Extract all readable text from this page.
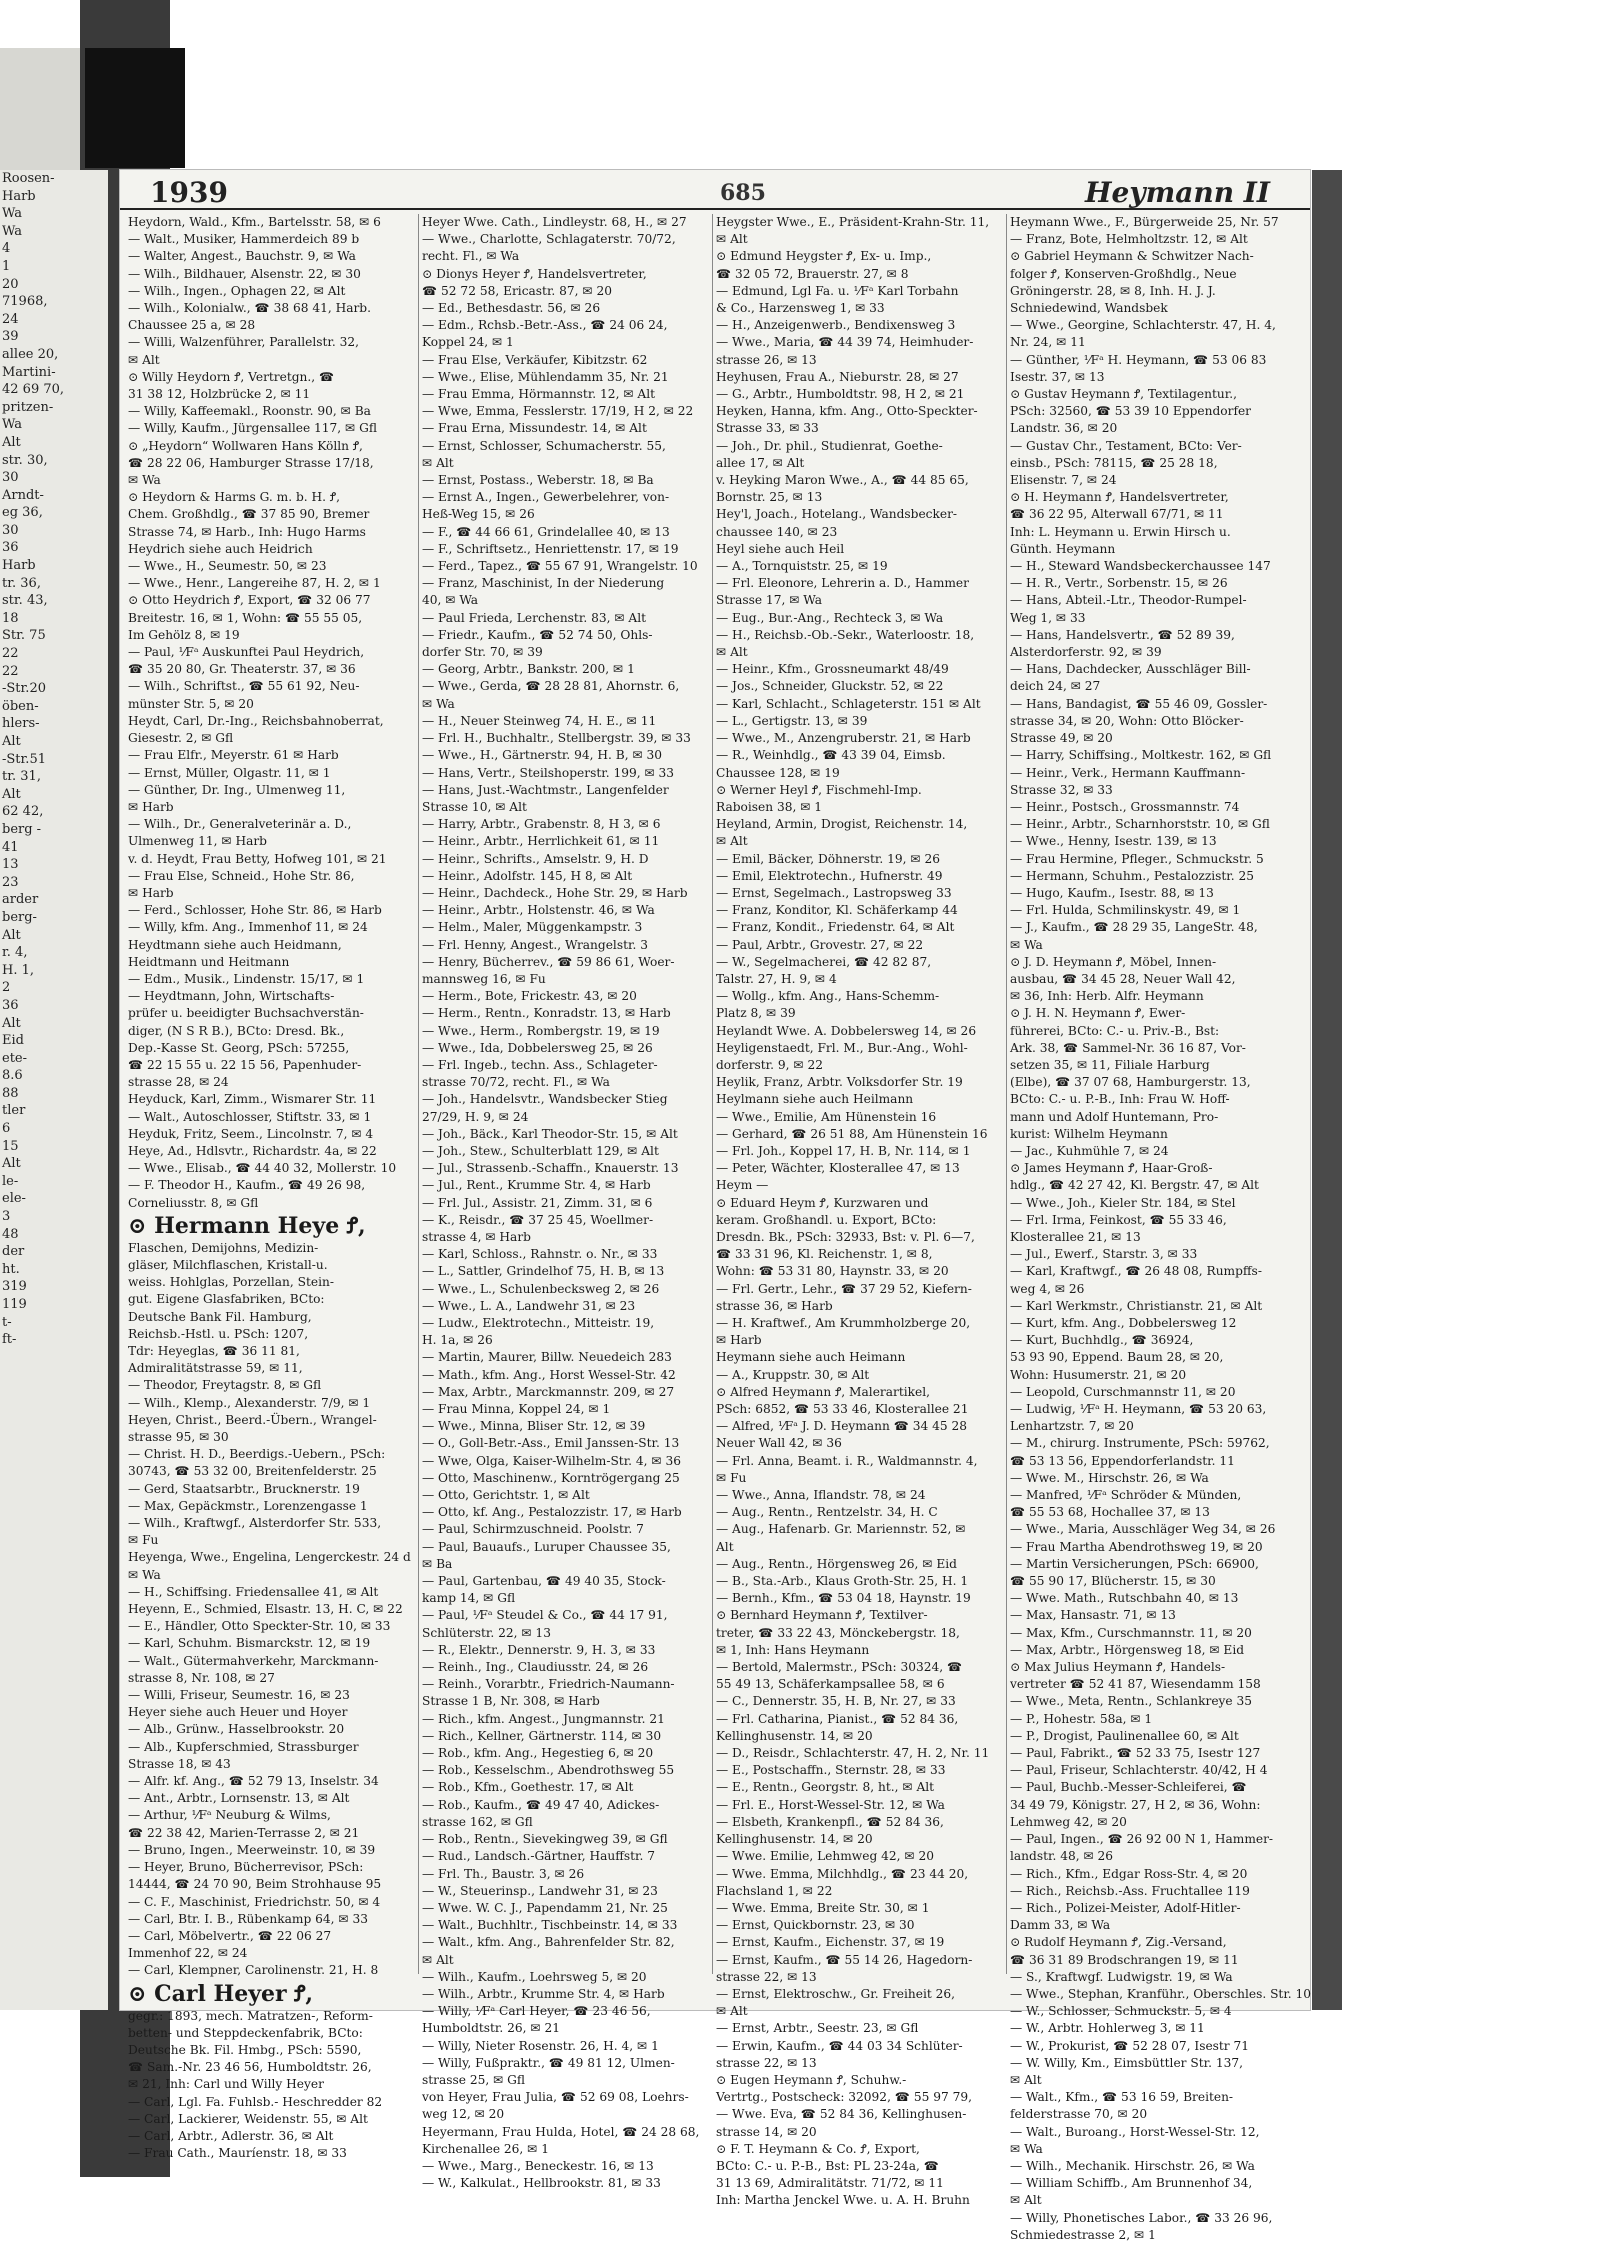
Roosen-
Harb
Wa
Wa
4
1
20
71968,
24
39
allee 20,
Martini-
42 69 70,
pritzen-
Wa
Alt
str. 30,
30
Arndt-
eg 36,
30
36
Harb
tr. 36,
str. 43,
18
Str. 75
22
22
-Str.20
öben-
hlers-
Alt
-Str.51
tr. 31,
Alt
62 42,
berg -
41
13
23
arder
berg-
Alt
r. 4,
H. 1,
2
36
Alt
Eid
ete-
8.6
88
tler
6
15
Alt
le-
ele-
3
48
der
ht.
319
119
t-
ft-
1939	685	Heymann II
Heydorn, Wald., Kfm., Bartelsstr. 58, ✉ 6
— Walt., Musiker, Hammerdeich 89 b
— Walter, Angest., Bauchstr. 9, ✉ Wa
— Wilh., Bildhauer, Alsenstr. 22, ✉ 30
— Wilh., Ingen., Ophagen 22, ✉ Alt
— Wilh., Kolonialw., ☎ 38 68 41, Harb.
Chaussee 25 a, ✉ 28
— Willi, Walzenführer, Parallelstr. 32,
✉ Alt
⊙ Willy Heydorn Ꝭ, Vertretgn., ☎
31 38 12, Holzbrücke 2, ✉ 11
— Willy, Kaffeemakl., Roonstr. 90, ✉ Ba
— Willy, Kaufm., Jürgensallee 117, ✉ Gfl
⊙ „Heydorn“ Wollwaren Hans Kölln Ꝭ,
☎ 28 22 06, Hamburger Strasse 17/18,
✉ Wa
⊙ Heydorn & Harms G. m. b. H. Ꝭ,
Chem. Großhdlg., ☎ 37 85 90, Bremer
Strasse 74, ✉ Harb., Inh: Hugo Harms
Heydrich siehe auch Heidrich
— Wwe., H., Seumestr. 50, ✉ 23
— Wwe., Henr., Langereihe 87, H. 2, ✉ 1
⊙ Otto Heydrich Ꝭ, Export, ☎ 32 06 77
Breitestr. 16, ✉ 1, Wohn: ☎ 55 55 05,
Im Gehölz 8, ✉ 19
— Paul, ⅟Fᵃ Auskunftei Paul Heydrich,
☎ 35 20 80, Gr. Theaterstr. 37, ✉ 36
— Wilh., Schriftst., ☎ 55 61 92, Neu-
münster Str. 5, ✉ 20
Heydt, Carl, Dr.-Ing., Reichsbahnoberrat,
Giesestr. 2, ✉ Gfl
— Frau Elfr., Meyerstr. 61 ✉ Harb
— Ernst, Müller, Olgastr. 11, ✉ 1
— Günther, Dr. Ing., Ulmenweg 11,
✉ Harb
— Wilh., Dr., Generalveterinär a. D.,
Ulmenweg 11, ✉ Harb
v. d. Heydt, Frau Betty, Hofweg 101, ✉ 21
— Frau Else, Schneid., Hohe Str. 86,
✉ Harb
— Ferd., Schlosser, Hohe Str. 86, ✉ Harb
— Willy, kfm. Ang., Immenhof 11, ✉ 24
Heydtmann siehe auch Heidmann,
Heidtmann und Heitmann
— Edm., Musik., Lindenstr. 15/17, ✉ 1
— Heydtmann, John, Wirtschafts-
prüfer u. beeidigter Buchsachverstän-
diger, (N S R B.), BCto: Dresd. Bk.,
Dep.-Kasse St. Georg, PSch: 57255,
☎ 22 15 55 u. 22 15 56, Papenhuder-
strasse 28, ✉ 24
Heyduck, Karl, Zimm., Wismarer Str. 11
— Walt., Autoschlosser, Stiftstr. 33, ✉ 1
Heyduk, Fritz, Seem., Lincolnstr. 7, ✉ 4
Heye, Ad., Hdlsvtr., Richardstr. 4a, ✉ 22
— Wwe., Elisab., ☎ 44 40 32, Mollerstr. 10
— F. Theodor H., Kaufm., ☎ 49 26 98,
Corneliusstr. 8, ✉ Gfl
⊙ Hermann Heye Ꝭ,
Flaschen, Demijohns, Medizin-
gläser, Milchflaschen, Kristall-u.
weiss. Hohlglas, Porzellan, Stein-
gut. Eigene Glasfabriken, BCto:
Deutsche Bank Fil. Hamburg,
Reichsb.-Hstl. u. PSch: 1207,
Tdr: Heyeglas, ☎ 36 11 81,
Admiralitätstrasse 59, ✉ 11,
— Theodor, Freytagstr. 8, ✉ Gfl
— Wilh., Klemp., Alexanderstr. 7/9, ✉ 1
Heyen, Christ., Beerd.-Übern., Wrangel-
strasse 95, ✉ 30
— Christ. H. D., Beerdigs.-Uebern., PSch:
30743, ☎ 53 32 00, Breitenfelderstr. 25
— Gerd, Staatsarbtr., Brucknerstr. 19
— Max, Gepäckmstr., Lorenzengasse 1
— Wilh., Kraftwgf., Alsterdorfer Str. 533,
✉ Fu
Heyenga, Wwe., Engelina, Lengerckestr. 24 d
✉ Wa
— H., Schiffsing. Friedensallee 41, ✉ Alt
Heyenn, E., Schmied, Elsastr. 13, H. C, ✉ 22
— E., Händler, Otto Speckter-Str. 10, ✉ 33
— Karl, Schuhm. Bismarckstr. 12, ✉ 19
— Walt., Gütermahverkehr, Marckmann-
strasse 8, Nr. 108, ✉ 27
— Willi, Friseur, Seumestr. 16, ✉ 23
Heyer siehe auch Heuer und Hoyer
— Alb., Grünw., Hasselbrookstr. 20
— Alb., Kupferschmied, Strassburger
Strasse 18, ✉ 43
— Alfr. kf. Ang., ☎ 52 79 13, Inselstr. 34
— Ant., Arbtr., Lornsenstr. 13, ✉ Alt
— Arthur, ⅟Fᵃ Neuburg & Wilms,
☎ 22 38 42, Marien-Terrasse 2, ✉ 21
— Bruno, Ingen., Meerweinstr. 10, ✉ 39
— Heyer, Bruno, Bücherrevisor, PSch:
14444, ☎ 24 70 90, Beim Strohhause 95
— C. F., Maschinist, Friedrichstr. 50, ✉ 4
— Carl, Btr. I. B., Rübenkamp 64, ✉ 33
— Carl, Möbelvertr., ☎ 22 06 27
Immenhof 22, ✉ 24
— Carl, Klempner, Carolinenstr. 21, H. 8
⊙ Carl Heyer Ꝭ,
gegr.: 1893, mech. Matratzen-, Reform-
betten- und Steppdeckenfabrik, BCto:
Deutsche Bk. Fil. Hmbg., PSch: 5590,
☎ Sam.-Nr. 23 46 56, Humboldtstr. 26,
✉ 21, Inh: Carl und Willy Heyer
— Carl, Lgl. Fa. Fuhlsb.- Heschredder 82
— Carl, Lackierer, Weidenstr. 55, ✉ Alt
— Carl, Arbtr., Adlerstr. 36, ✉ Alt
— Frau Cath., Mauríenstr. 18, ✉ 33
Heyer Wwe. Cath., Lindleystr. 68, H., ✉ 27
— Wwe., Charlotte, Schlagaterstr. 70/72,
recht. Fl., ✉ Wa
⊙ Dionys Heyer Ꝭ, Handelsvertreter,
☎ 52 72 58, Ericastr. 87, ✉ 20
— Ed., Bethesdastr. 56, ✉ 26
— Edm., Rchsb.-Betr.-Ass., ☎ 24 06 24,
Koppel 24, ✉ 1
— Frau Else, Verkäufer, Kibitzstr. 62
— Wwe., Elise, Mühlendamm 35, Nr. 21
— Frau Emma, Hörmannstr. 12, ✉ Alt
— Wwe, Emma, Fesslerstr. 17/19, H 2, ✉ 22
— Frau Erna, Missundestr. 14, ✉ Alt
— Ernst, Schlosser, Schumacherstr. 55,
✉ Alt
— Ernst, Postass., Weberstr. 18, ✉ Ba
— Ernst A., Ingen., Gewerbelehrer, von-
Heß-Weg 15, ✉ 26
— F., ☎ 44 66 61, Grindelallee 40, ✉ 13
— F., Schriftsetz., Henriettenstr. 17, ✉ 19
— Ferd., Tapez., ☎ 55 67 91, Wrangelstr. 10
— Franz, Maschinist, In der Niederung
40, ✉ Wa
— Paul Frieda, Lerchenstr. 83, ✉ Alt
— Friedr., Kaufm., ☎ 52 74 50, Ohls-
dorfer Str. 70, ✉ 39
— Georg, Arbtr., Bankstr. 200, ✉ 1
— Wwe., Gerda, ☎ 28 28 81, Ahornstr. 6,
✉ Wa
— H., Neuer Steinweg 74, H. E., ✉ 11
— Frl. H., Buchhaltr., Stellbergstr. 39, ✉ 33
— Wwe., H., Gärtnerstr. 94, H. B, ✉ 30
— Hans, Vertr., Steilshoperstr. 199, ✉ 33
— Hans, Just.-Wachtmstr., Langenfelder
Strasse 10, ✉ Alt
— Harry, Arbtr., Grabenstr. 8, H 3, ✉ 6
— Heinr., Arbtr., Herrlichkeit 61, ✉ 11
— Heinr., Schrifts., Amselstr. 9, H. D
— Heinr., Adolfstr. 145, H 8, ✉ Alt
— Heinr., Dachdeck., Hohe Str. 29, ✉ Harb
— Heinr., Arbtr., Holstenstr. 46, ✉ Wa
— Helm., Maler, Müggenkampstr. 3
— Frl. Henny, Angest., Wrangelstr. 3
— Henry, Bücherrev., ☎ 59 86 61, Woer-
mannsweg 16, ✉ Fu
— Herm., Bote, Frickestr. 43, ✉ 20
— Herm., Rentn., Konradstr. 13, ✉ Harb
— Wwe., Herm., Rombergstr. 19, ✉ 19
— Wwe., Ida, Dobbelersweg 25, ✉ 26
— Frl. Ingeb., techn. Ass., Schlageter-
strasse 70/72, recht. Fl., ✉ Wa
— Joh., Handelsvtr., Wandsbecker Stieg
27/29, H. 9, ✉ 24
— Joh., Bäck., Karl Theodor-Str. 15, ✉ Alt
— Joh., Stew., Schulterblatt 129, ✉ Alt
— Jul., Strassenb.-Schaffn., Knauerstr. 13
— Jul., Rent., Krumme Str. 4, ✉ Harb
— Frl. Jul., Assistr. 21, Zimm. 31, ✉ 6
— K., Reisdr., ☎ 37 25 45, Woellmer-
strasse 4, ✉ Harb
— Karl, Schloss., Rahnstr. o. Nr., ✉ 33
— L., Sattler, Grindelhof 75, H. B, ✉ 13
— Wwe., L., Schulenbecksweg 2, ✉ 26
— Wwe., L. A., Landwehr 31, ✉ 23
— Ludw., Elektrotechn., Mitteistr. 19,
H. 1a, ✉ 26
— Martin, Maurer, Billw. Neuedeich 283
— Math., kfm. Ang., Horst Wessel-Str. 42
— Max, Arbtr., Marckmannstr. 209, ✉ 27
— Frau Minna, Koppel 24, ✉ 1
— Wwe., Minna, Bliser Str. 12, ✉ 39
— O., Goll-Betr.-Ass., Emil Janssen-Str. 13
— Wwe, Olga, Kaiser-Wilhelm-Str. 4, ✉ 36
— Otto, Maschinenw., Korntrögergang 25
— Otto, Gerichtstr. 1, ✉ Alt
— Otto, kf. Ang., Pestalozzistr. 17, ✉ Harb
— Paul, Schirmzuschneid. Poolstr. 7
— Paul, Bauaufs., Luruper Chaussee 35,
✉ Ba
— Paul, Gartenbau, ☎ 49 40 35, Stock-
kamp 14, ✉ Gfl
— Paul, ⅟Fᵃ Steudel & Co., ☎ 44 17 91,
Schlüterstr. 22, ✉ 13
— R., Elektr., Dennerstr. 9, H. 3, ✉ 33
— Reinh., Ing., Claudiusstr. 24, ✉ 26
— Reinh., Vorarbtr., Friedrich-Naumann-
Strasse 1 B, Nr. 308, ✉ Harb
— Rich., kfm. Angest., Jungmannstr. 21
— Rich., Kellner, Gärtnerstr. 114, ✉ 30
— Rob., kfm. Ang., Hegestieg 6, ✉ 20
— Rob., Kesselschm., Abendrothsweg 55
— Rob., Kfm., Goethestr. 17, ✉ Alt
— Rob., Kaufm., ☎ 49 47 40, Adickes-
strasse 162, ✉ Gfl
— Rob., Rentn., Sievekingweg 39, ✉ Gfl
— Rud., Landsch.-Gärtner, Hauffstr. 7
— Frl. Th., Baustr. 3, ✉ 26
— W., Steuerinsp., Landwehr 31, ✉ 23
— Wwe. W. C. J., Papendamm 21, Nr. 25
— Walt., Buchhltr., Tischbeinstr. 14, ✉ 33
— Walt., kfm. Ang., Bahrenfelder Str. 82,
✉ Alt
— Wilh., Kaufm., Loehrsweg 5, ✉ 20
— Wilh., Arbtr., Krumme Str. 4, ✉ Harb
— Willy, ⅟Fᵃ Carl Heyer, ☎ 23 46 56,
Humboldtstr. 26, ✉ 21
— Willy, Nieter Rosenstr. 26, H. 4, ✉ 1
— Willy, Fußpraktr., ☎ 49 81 12, Ulmen-
strasse 25, ✉ Gfl
von Heyer, Frau Julia, ☎ 52 69 08, Loehrs-
weg 12, ✉ 20
Heyermann, Frau Hulda, Hotel, ☎ 24 28 68,
Kirchenallee 26, ✉ 1
— Wwe., Marg., Beneckestr. 16, ✉ 13
— W., Kalkulat., Hellbrookstr. 81, ✉ 33
Heygster Wwe., E., Präsident-Krahn-Str. 11,
✉ Alt
⊙ Edmund Heygster Ꝭ, Ex- u. Imp.,
☎ 32 05 72, Brauerstr. 27, ✉ 8
— Edmund, Lgl Fa. u. ⅟Fᵃ Karl Torbahn
& Co., Harzensweg 1, ✉ 33
— H., Anzeigenwerb., Bendixensweg 3
— Wwe., Maria, ☎ 44 39 74, Heimhuder-
strasse 26, ✉ 13
Heyhusen, Frau A., Nieburstr. 28, ✉ 27
— G., Arbtr., Humboldtstr. 98, H 2, ✉ 21
Heyken, Hanna, kfm. Ang., Otto-Speckter-
Strasse 33, ✉ 33
— Joh., Dr. phil., Studienrat, Goethe-
allee 17, ✉ Alt
v. Heyking Maron Wwe., A., ☎ 44 85 65,
Bornstr. 25, ✉ 13
Hey'l, Joach., Hotelang., Wandsbecker-
chaussee 140, ✉ 23
Heyl siehe auch Heil
— A., Tornquiststr. 25, ✉ 19
— Frl. Eleonore, Lehrerin a. D., Hammer
Strasse 17, ✉ Wa
— Eug., Bur.-Ang., Rechteck 3, ✉ Wa
— H., Reichsb.-Ob.-Sekr., Waterloostr. 18,
✉ Alt
— Heinr., Kfm., Grossneumarkt 48/49
— Jos., Schneider, Gluckstr. 52, ✉ 22
— Karl, Schlacht., Schlageterstr. 151 ✉ Alt
— L., Gertigstr. 13, ✉ 39
— Wwe., M., Anzengruberstr. 21, ✉ Harb
— R., Weinhdlg., ☎ 43 39 04, Eimsb.
Chaussee 128, ✉ 19
⊙ Werner Heyl Ꝭ, Fischmehl-Imp.
Raboisen 38, ✉ 1
Heyland, Armin, Drogist, Reichenstr. 14,
✉ Alt
— Emil, Bäcker, Döhnerstr. 19, ✉ 26
— Emil, Elektrotechn., Hufnerstr. 49
— Ernst, Segelmach., Lastropsweg 33
— Franz, Konditor, Kl. Schäferkamp 44
— Franz, Kondit., Friedenstr. 64, ✉ Alt
— Paul, Arbtr., Grovestr. 27, ✉ 22
— W., Segelmacherei, ☎ 42 82 87,
Talstr. 27, H. 9, ✉ 4
— Wollg., kfm. Ang., Hans-Schemm-
Platz 8, ✉ 39
Heylandt Wwe. A. Dobbelersweg 14, ✉ 26
Heyligenstaedt, Frl. M., Bur.-Ang., Wohl-
dorferstr. 9, ✉ 22
Heylik, Franz, Arbtr. Volksdorfer Str. 19
Heylmann siehe auch Heilmann
— Wwe., Emilie, Am Hünenstein 16
— Gerhard, ☎ 26 51 88, Am Hünenstein 16
— Frl. Joh., Koppel 17, H. B, Nr. 114, ✉ 1
— Peter, Wächter, Klosterallee 47, ✉ 13
Heym —
⊙ Eduard Heym Ꝭ, Kurzwaren und
keram. Großhandl. u. Export, BCto:
Dresdn. Bk., PSch: 32933, Bst: v. Pl. 6—7,
☎ 33 31 96, Kl. Reichenstr. 1, ✉ 8,
Wohn: ☎ 53 31 80, Haynstr. 33, ✉ 20
— Frl. Gertr., Lehr., ☎ 37 29 52, Kiefern-
strasse 36, ✉ Harb
— H. Kraftwef., Am Krummholzberge 20,
✉ Harb
Heymann siehe auch Heimann
— A., Kruppstr. 30, ✉ Alt
⊙ Alfred Heymann Ꝭ, Malerartikel,
PSch: 6852, ☎ 53 33 46, Klosterallee 21
— Alfred, ⅟Fᵃ J. D. Heymann ☎ 34 45 28
Neuer Wall 42, ✉ 36
— Frl. Anna, Beamt. i. R., Waldmannstr. 4,
✉ Fu
— Wwe., Anna, Iflandstr. 78, ✉ 24
— Aug., Rentn., Rentzelstr. 34, H. C
— Aug., Hafenarb. Gr. Mariennstr. 52, ✉
Alt
— Aug., Rentn., Hörgensweg 26, ✉ Eid
— B., Sta.-Arb., Klaus Groth-Str. 25, H. 1
— Bernh., Kfm., ☎ 53 04 18, Haynstr. 19
⊙ Bernhard Heymann Ꝭ, Textilver-
treter, ☎ 33 22 43, Mönckebergstr. 18,
✉ 1, Inh: Hans Heymann
— Bertold, Malermstr., PSch: 30324, ☎
55 49 13, Schäferkampsallee 58, ✉ 6
— C., Dennerstr. 35, H. B, Nr. 27, ✉ 33
— Frl. Catharina, Pianist., ☎ 52 84 36,
Kellinghusenstr. 14, ✉ 20
— D., Reisdr., Schlachterstr. 47, H. 2, Nr. 11
— E., Postschaffn., Sternstr. 28, ✉ 33
— E., Rentn., Georgstr. 8, ht., ✉ Alt
— Frl. E., Horst-Wessel-Str. 12, ✉ Wa
— Elsbeth, Krankenpfl., ☎ 52 84 36,
Kellinghusenstr. 14, ✉ 20
— Wwe. Emilie, Lehmweg 42, ✉ 20
— Wwe. Emma, Milchhdlg., ☎ 23 44 20,
Flachsland 1, ✉ 22
— Wwe. Emma, Breite Str. 30, ✉ 1
— Ernst, Quickbornstr. 23, ✉ 30
— Ernst, Kaufm., Eichenstr. 37, ✉ 19
— Ernst, Kaufm., ☎ 55 14 26, Hagedorn-
strasse 22, ✉ 13
— Ernst, Elektroschw., Gr. Freiheit 26,
✉ Alt
— Ernst, Arbtr., Seestr. 23, ✉ Gfl
— Erwin, Kaufm., ☎ 44 03 34 Schlüter-
strasse 22, ✉ 13
⊙ Eugen Heymann Ꝭ, Schuhw.-
Vertrtg., Postscheck: 32092, ☎ 55 97 79,
— Wwe. Eva, ☎ 52 84 36, Kellinghusen-
strasse 14, ✉ 20
⊙ F. T. Heymann & Co. Ꝭ, Export,
BCto: C.- u. P.-B., Bst: PL 23-24a, ☎
31 13 69, Admiralitätstr. 71/72, ✉ 11
Inh: Martha Jenckel Wwe. u. A. H. Bruhn
Heymann Wwe., F., Bürgerweide 25, Nr. 57
— Franz, Bote, Helmholtzstr. 12, ✉ Alt
⊙ Gabriel Heymann & Schwitzer Nach-
folger Ꝭ, Konserven-Großhdlg., Neue
Gröningerstr. 28, ✉ 8, Inh. H. J. J.
Schniedewind, Wandsbek
— Wwe., Georgine, Schlachterstr. 47, H. 4,
Nr. 24, ✉ 11
— Günther, ⅟Fᵃ H. Heymann, ☎ 53 06 83
Isestr. 37, ✉ 13
⊙ Gustav Heymann Ꝭ, Textilagentur.,
PSch: 32560, ☎ 53 39 10 Eppendorfer
Landstr. 36, ✉ 20
— Gustav Chr., Testament, BCto: Ver-
einsb., PSch: 78115, ☎ 25 28 18,
Elisenstr. 7, ✉ 24
⊙ H. Heymann Ꝭ, Handelsvertreter,
☎ 36 22 95, Alterwall 67/71, ✉ 11
Inh: L. Heymann u. Erwin Hirsch u.
Günth. Heymann
— H., Steward Wandsbeckerchaussee 147
— H. R., Vertr., Sorbenstr. 15, ✉ 26
— Hans, Abteil.-Ltr., Theodor-Rumpel-
Weg 1, ✉ 33
— Hans, Handelsvertr., ☎ 52 89 39,
Alsterdorferstr. 92, ✉ 39
— Hans, Dachdecker, Ausschläger Bill-
deich 24, ✉ 27
— Hans, Bandagist, ☎ 55 46 09, Gossler-
strasse 34, ✉ 20, Wohn: Otto Blöcker-
Strasse 49, ✉ 20
— Harry, Schiffsing., Moltkestr. 162, ✉ Gfl
— Heinr., Verk., Hermann Kauffmann-
Strasse 32, ✉ 33
— Heinr., Postsch., Grossmannstr. 74
— Heinr., Arbtr., Scharnhorststr. 10, ✉ Gfl
— Wwe., Henny, Isestr. 139, ✉ 13
— Frau Hermine, Pfleger., Schmuckstr. 5
— Hermann, Schuhm., Pestalozzistr. 25
— Hugo, Kaufm., Isestr. 88, ✉ 13
— Frl. Hulda, Schmilinskystr. 49, ✉ 1
— J., Kaufm., ☎ 28 29 35, LangeStr. 48,
✉ Wa
⊙ J. D. Heymann Ꝭ, Möbel, Innen-
ausbau, ☎ 34 45 28, Neuer Wall 42,
✉ 36, Inh: Herb. Alfr. Heymann
⊙ J. H. N. Heymann Ꝭ, Ewer-
führerei, BCto: C.- u. Priv.-B., Bst:
Ark. 38, ☎ Sammel-Nr. 36 16 87, Vor-
setzen 35, ✉ 11, Filiale Harburg
(Elbe), ☎ 37 07 68, Hamburgerstr. 13,
BCto: C.- u. P.-B., Inh: Frau W. Hoff-
mann und Adolf Huntemann, Pro-
kurist: Wilhelm Heymann
— Jac., Kuhmühle 7, ✉ 24
⊙ James Heymann Ꝭ, Haar-Groß-
hdlg., ☎ 42 27 42, Kl. Bergstr. 47, ✉ Alt
— Wwe., Joh., Kieler Str. 184, ✉ Stel
— Frl. Irma, Feinkost, ☎ 55 33 46,
Klosterallee 21, ✉ 13
— Jul., Ewerf., Starstr. 3, ✉ 33
— Karl, Kraftwgf., ☎ 26 48 08, Rumpffs-
weg 4, ✉ 26
— Karl Werkmstr., Christianstr. 21, ✉ Alt
— Kurt, kfm. Ang., Dobbelersweg 12
— Kurt, Buchhdlg., ☎ 36924,
53 93 90, Eppend. Baum 28, ✉ 20,
Wohn: Husumerstr. 21, ✉ 20
— Leopold, Curschmannstr 11, ✉ 20
— Ludwig, ⅟Fᵃ H. Heymann, ☎ 53 20 63,
Lenhartzstr. 7, ✉ 20
— M., chirurg. Instrumente, PSch: 59762,
☎ 53 13 56, Eppendorferlandstr. 11
— Wwe. M., Hirschstr. 26, ✉ Wa
— Manfred, ⅟Fᵃ Schröder & Münden,
☎ 55 53 68, Hochallee 37, ✉ 13
— Wwe., Maria, Ausschläger Weg 34, ✉ 26
— Frau Martha Abendrothsweg 19, ✉ 20
— Martin Versicherungen, PSch: 66900,
☎ 55 90 17, Blücherstr. 15, ✉ 30
— Wwe. Math., Rutschbahn 40, ✉ 13
— Max, Hansastr. 71, ✉ 13
— Max, Kfm., Curschmannstr. 11, ✉ 20
— Max, Arbtr., Hörgensweg 18, ✉ Eid
⊙ Max Julius Heymann Ꝭ, Handels-
vertreter ☎ 52 41 87, Wiesendamm 158
— Wwe., Meta, Rentn., Schlankreye 35
— P., Hohestr. 58a, ✉ 1
— P., Drogist, Paulinenallee 60, ✉ Alt
— Paul, Fabrikt., ☎ 52 33 75, Isestr 127
— Paul, Friseur, Schlachterstr. 40/42, H 4
— Paul, Buchb.-Messer-Schleiferei, ☎
34 49 79, Königstr. 27, H 2, ✉ 36, Wohn:
Lehmweg 42, ✉ 20
— Paul, Ingen., ☎ 26 92 00 N 1, Hammer-
landstr. 48, ✉ 26
— Rich., Kfm., Edgar Ross-Str. 4, ✉ 20
— Rich., Reichsb.-Ass. Fruchtallee 119
— Rich., Polizei-Meister, Adolf-Hitler-
Damm 33, ✉ Wa
⊙ Rudolf Heymann Ꝭ, Zig.-Versand,
☎ 36 31 89 Brodschrangen 19, ✉ 11
— S., Kraftwgf. Ludwigstr. 19, ✉ Wa
— Wwe., Stephan, Kranführ., Oberschles. Str. 10
— W., Schlosser, Schmuckstr. 5, ✉ 4
— W., Arbtr. Hohlerweg 3, ✉ 11
— W., Prokurist, ☎ 52 28 07, Isestr 71
— W. Willy, Km., Eimsbüttler Str. 137,
✉ Alt
— Walt., Kfm., ☎ 53 16 59, Breiten-
felderstrasse 70, ✉ 20
— Walt., Buroang., Horst-Wessel-Str. 12,
✉ Wa
— Wilh., Mechanik. Hirschstr. 26, ✉ Wa
— William Schiffb., Am Brunnenhof 34,
✉ Alt
— Willy, Phonetisches Labor., ☎ 33 26 96,
Schmiedestrasse 2, ✉ 1
